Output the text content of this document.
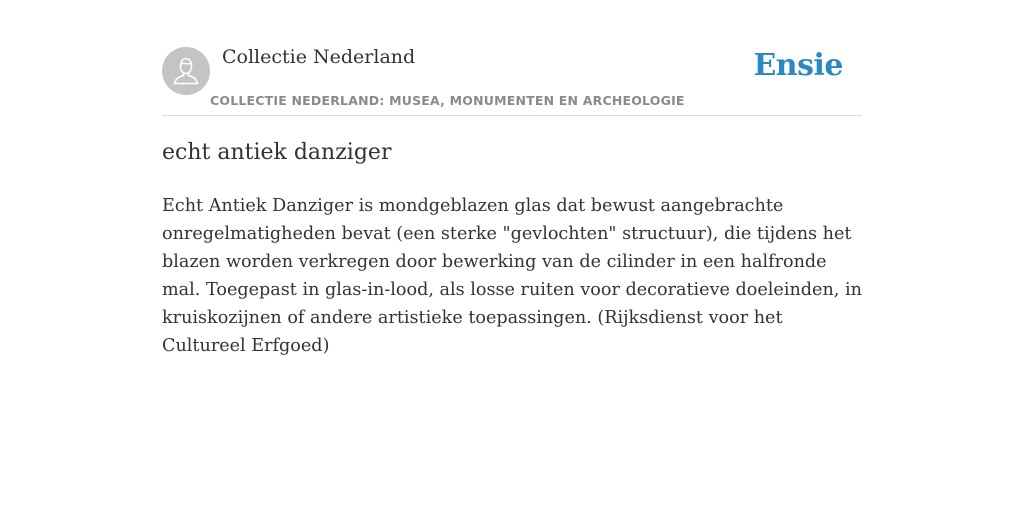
Collectie Nederland
COLLECTIE NEDERLAND: MUSEA, MONUMENTEN EN ARCHEOLOGIE
Ensie
echt antiek danziger

Echt Antiek Danziger is mondgeblazen glas dat bewust aangebrachte onregelmatigheden bevat (een sterke "gevlochten" structuur), die tijdens het blazen worden verkregen door bewerking van de cilinder in een halfronde mal. Toegepast in glas-in-lood, als losse ruiten voor decoratieve doeleinden, in kruiskozijnen of andere artistieke toepassingen. (Rijksdienst voor het Cultureel Erfgoed)
